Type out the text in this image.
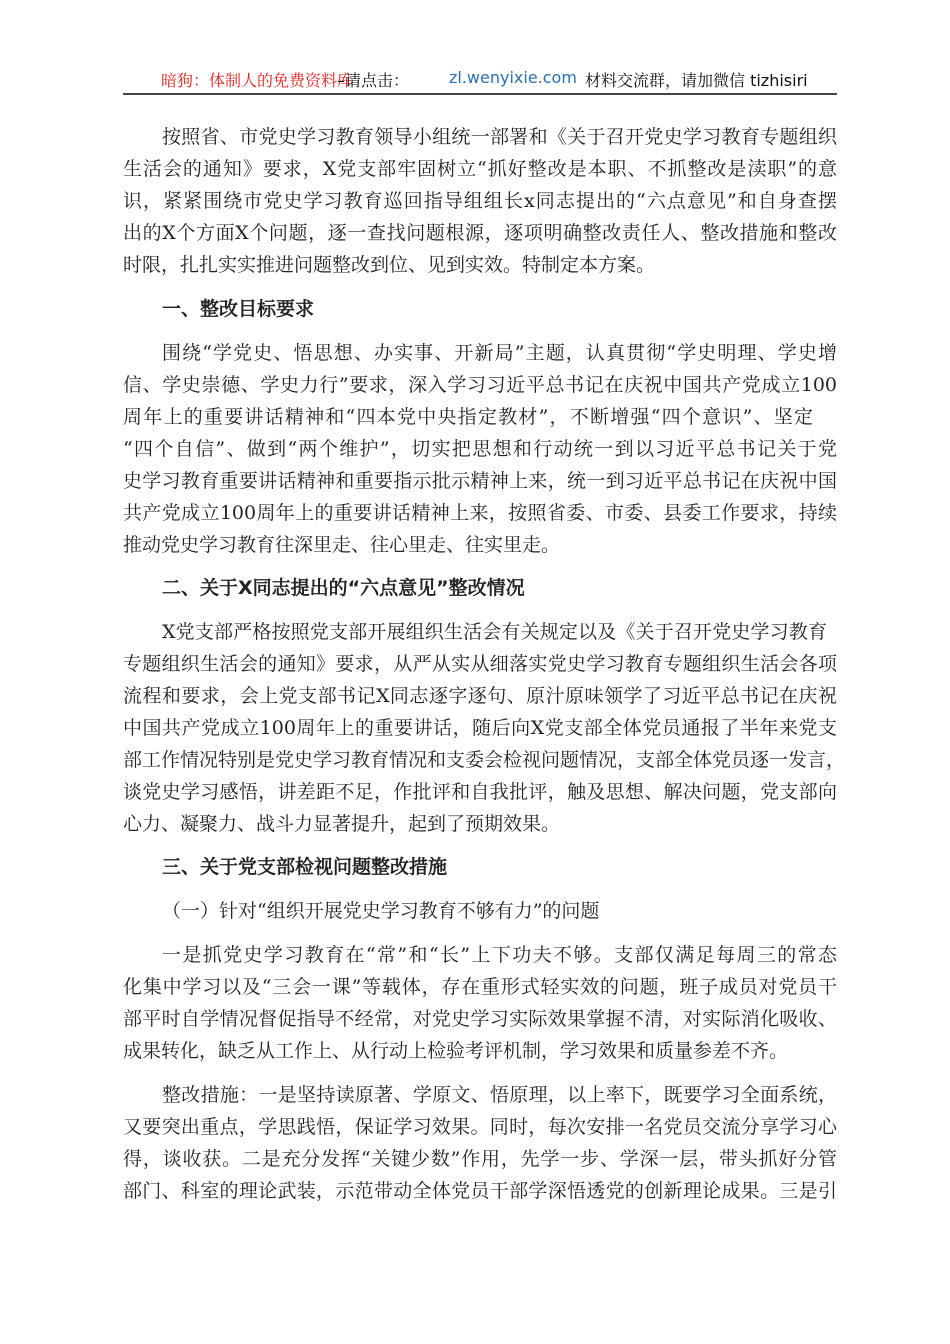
暗狗：体制人的免费资料库
–请点击： zl.wenyixie.com 材料交流群，请加微信 tizhisiri
按照省、市党史学习教育领导小组统一部署和《关于召开党史学习教育专题组织
生活会的通知》要求，X党支部牢固树立“抓好整改是本职、不抓整改是渎职”的意
识，紧紧围绕市党史学习教育巡回指导组组长x同志提出的“六点意见”和自身查摆
出的X个方面X个问题，逐一查找问题根源，逐项明确整改责任人、整改措施和整改
时限，扎扎实实推进问题整改到位、见到实效。特制定本方案。
一、整改目标要求
围绕“学党史、悟思想、办实事、开新局”主题，认真贯彻“学史明理、学史增
信、学史崇德、学史力行”要求，深入学习习近平总书记在庆祝中国共产党成立100
周年上的重要讲话精神和“四本党中央指定教材”，不断增强“四个意识”、坚定
“四个自信”、做到“两个维护”，切实把思想和行动统一到以习近平总书记关于党
史学习教育重要讲话精神和重要指示批示精神上来，统一到习近平总书记在庆祝中国
共产党成立100周年上的重要讲话精神上来，按照省委、市委、县委工作要求，持续
推动党史学习教育往深里走、往心里走、往实里走。
二、关于X同志提出的“六点意见”整改情况
X党支部严格按照党支部开展组织生活会有关规定以及《关于召开党史学习教育
专题组织生活会的通知》要求，从严从实从细落实党史学习教育专题组织生活会各项
流程和要求，会上党支部书记X同志逐字逐句、原汁原味领学了习近平总书记在庆祝
中国共产党成立100周年上的重要讲话，随后向X党支部全体党员通报了半年来党支
部工作情况特别是党史学习教育情况和支委会检视问题情况，支部全体党员逐一发言，
谈党史学习感悟，讲差距不足，作批评和自我批评，触及思想、解决问题，党支部向
心力、凝聚力、战斗力显著提升，起到了预期效果。
三、关于党支部检视问题整改措施
（一）针对“组织开展党史学习教育不够有力”的问题
一是抓党史学习教育在“常”和“长”上下功夫不够。支部仅满足每周三的常态
化集中学习以及“三会一课”等载体，存在重形式轻实效的问题，班子成员对党员干
部平时自学情况督促指导不经常，对党史学习实际效果掌握不清，对实际消化吸收、
成果转化，缺乏从工作上、从行动上检验考评机制，学习效果和质量参差不齐。
整改措施：一是坚持读原著、学原文、悟原理，以上率下，既要学习全面系统，
又要突出重点，学思践悟，保证学习效果。同时，每次安排一名党员交流分享学习心
得，谈收获。二是充分发挥“关键少数”作用，先学一步、学深一层，带头抓好分管
部门、科室的理论武装，示范带动全体党员干部学深悟透党的创新理论成果。三是引
